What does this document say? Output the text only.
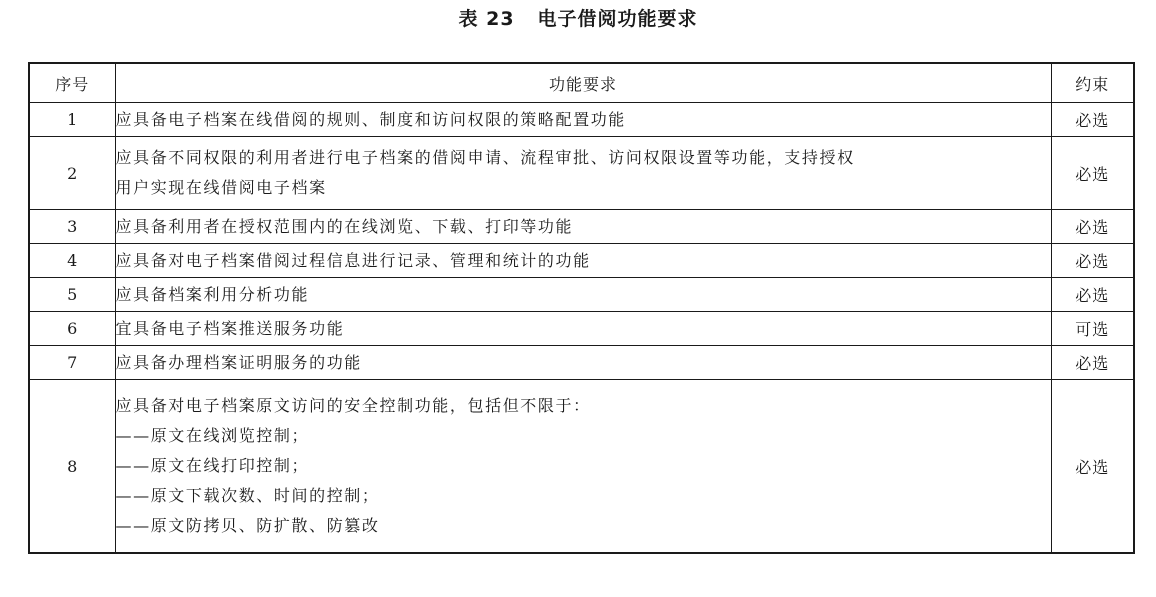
表 23 电子借阅功能要求
序号	功能要求	约束
1	应具备电子档案在线借阅的规则、制度和访问权限的策略配置功能	必选
2	应具备不同权限的利用者进行电子档案的借阅申请、流程审批、访问权限设置等功能，支持授权
用户实现在线借阅电子档案	必选
3	应具备利用者在授权范围内的在线浏览、下载、打印等功能	必选
4	应具备对电子档案借阅过程信息进行记录、管理和统计的功能	必选
5	应具备档案利用分析功能	必选
6	宜具备电子档案推送服务功能	可选
7	应具备办理档案证明服务的功能	必选
8	应具备对电子档案原文访问的安全控制功能，包括但不限于：
——原文在线浏览控制；
——原文在线打印控制；
——原文下载次数、时间的控制；
——原文防拷贝、防扩散、防篡改	必选
